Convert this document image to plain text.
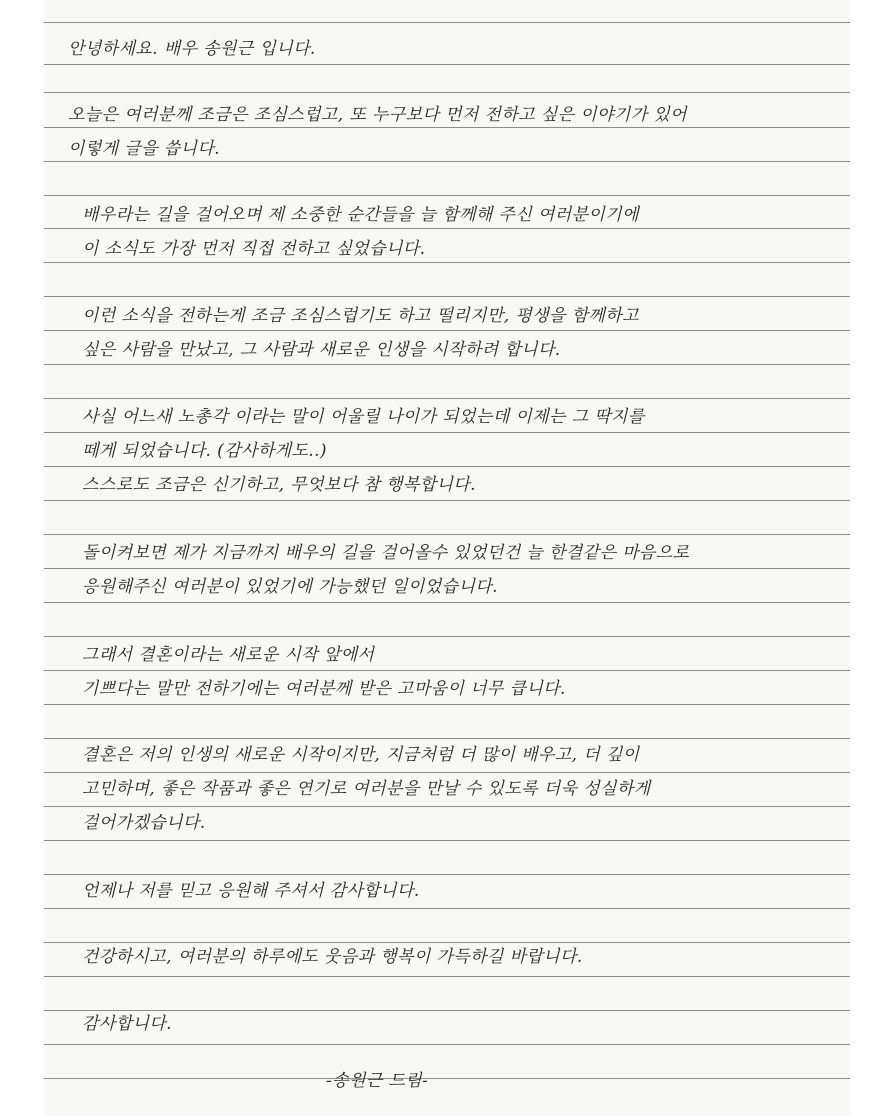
안녕하세요. 배우 송원근 입니다.
오늘은 여러분께 조금은 조심스럽고, 또 누구보다 먼저 전하고 싶은 이야기가 있어
이렇게 글을 씁니다.
배우라는 길을 걸어오며 제 소중한 순간들을 늘 함께해 주신 여러분이기에
이 소식도 가장 먼저 직접 전하고 싶었습니다.
이런 소식을 전하는게 조금 조심스럽기도 하고 떨리지만, 평생을 함께하고
싶은 사람을 만났고, 그 사람과 새로운 인생을 시작하려 합니다.
사실 어느새 노총각 이라는 말이 어울릴 나이가 되었는데 이제는 그 딱지를
떼게 되었습니다. (감사하게도..)
스스로도 조금은 신기하고, 무엇보다 참 행복합니다.
돌이켜보면 제가 지금까지 배우의 길을 걸어올수 있었던건 늘 한결같은 마음으로
응원해주신 여러분이 있었기에 가능했던 일이었습니다.
그래서 결혼이라는 새로운 시작 앞에서
기쁘다는 말만 전하기에는 여러분께 받은 고마움이 너무 큽니다.
결혼은 저의 인생의 새로운 시작이지만, 지금처럼 더 많이 배우고, 더 깊이
고민하며, 좋은 작품과 좋은 연기로 여러분을 만날 수 있도록 더욱 성실하게
걸어가겠습니다.
언제나 저를 믿고 응원해 주셔서 감사합니다.
건강하시고, 여러분의 하루에도 웃음과 행복이 가득하길 바랍니다.
감사합니다.
-송원근 드림-
